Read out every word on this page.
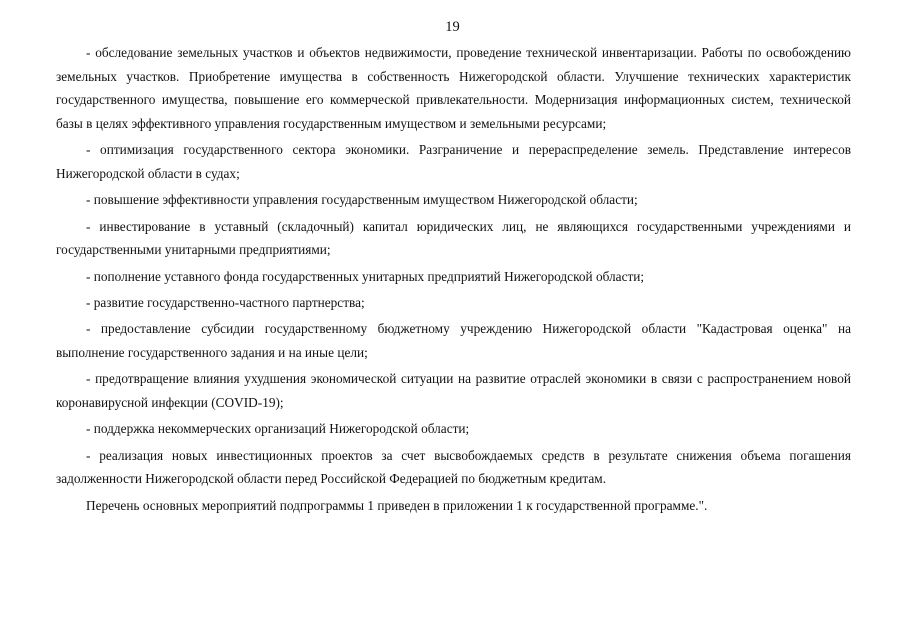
19

- обследование земельных участков и объектов недвижимости, проведение технической инвентаризации. Работы по освобождению земельных участков. Приобретение имущества в собственность Нижегородской области. Улучшение технических характеристик государственного имущества, повышение его коммерческой привлекательности. Модернизация информационных систем, технической базы в целях эффективного управления государственным имуществом и земельными ресурсами;

- оптимизация государственного сектора экономики. Разграничение и перераспределение земель. Представление интересов Нижегородской области в судах;

- повышение эффективности управления государственным имуществом Нижегородской области;

- инвестирование в уставный (складочный) капитал юридических лиц, не являющихся государственными учреждениями и государственными унитарными предприятиями;

- пополнение уставного фонда государственных унитарных предприятий Нижегородской области;

- развитие государственно-частного партнерства;

- предоставление субсидии государственному бюджетному учреждению Нижегородской области "Кадастровая оценка" на выполнение государственного задания и на иные цели;

- предотвращение влияния ухудшения экономической ситуации на развитие отраслей экономики в связи с распространением новой коронавирусной инфекции (COVID-19);

- поддержка некоммерческих организаций Нижегородской области;

- реализация новых инвестиционных проектов за счет высвобождаемых средств в результате снижения объема погашения задолженности Нижегородской области перед Российской Федерацией по бюджетным кредитам.

Перечень основных мероприятий подпрограммы 1 приведен в приложении 1 к государственной программе.".
